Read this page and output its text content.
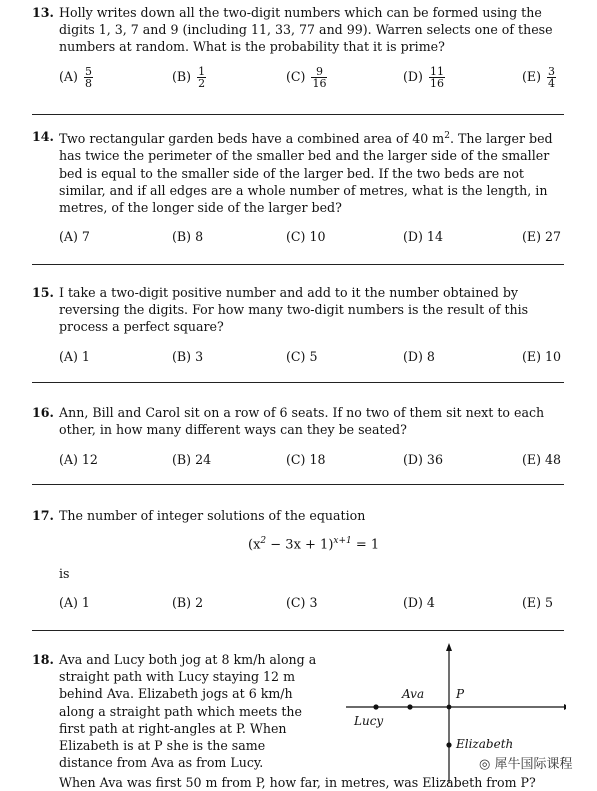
13. Holly writes down all the two-digit numbers which can be formed using the digits 1, 3, 7 and 9 (including 11, 33, 77 and 99). Warren selects one of these numbers at random. What is the probability that it is prime?
$(A) \frac{5}{8}$	$(B) \frac{1}{2}$	$(C) \frac{9}{16}$	$(D) \frac{11}{16}$	$(E) \frac{3}{4}$
14. Two rectangular garden beds have a combined area of 40 $m^2$. The larger bed has twice the perimeter of the smaller bed and the larger side of the smaller bed is equal to the smaller side of the larger bed. If the two beds are not similar, and if all edges are a whole number of metres, what is the length, in metres, of the longer side of the larger bed?
(A) 7	(B) 8	(C) 10	(D) 14	(E) 27
15. I take a two-digit positive number and add to it the number obtained by reversing the digits. For how many two-digit numbers is the result of this process a perfect square?
(A) 1	(B) 3	(C) 5	(D) 8	(E) 10
16. Ann, Bill and Carol sit on a row of 6 seats. If no two of them sit next to each other, in how many different ways can they be seated?
(A) 12	(B) 24	(C) 18	(D) 36	(E) 48
17. The number of integer solutions of the equation
is
(A) 1	(B) 2	(C) 3	(D) 4	(E) 5
$(x^2 - 3x + 1)^{x+1} = 1$
18. Ava and Lucy both jog at 8 km/h along a straight path with Lucy staying 12 m behind Ava. Elizabeth jogs at 6 km/h along a straight path which meets the first path at right-angles at P. When Elizabeth is at P she is the same distance from Ava as from Lucy.
When Ava was first 50 m from P, how far, in metres, was Elizabeth from P?
Ava	P
Lucy
Elizabeth
◎ 犀牛国际课程
